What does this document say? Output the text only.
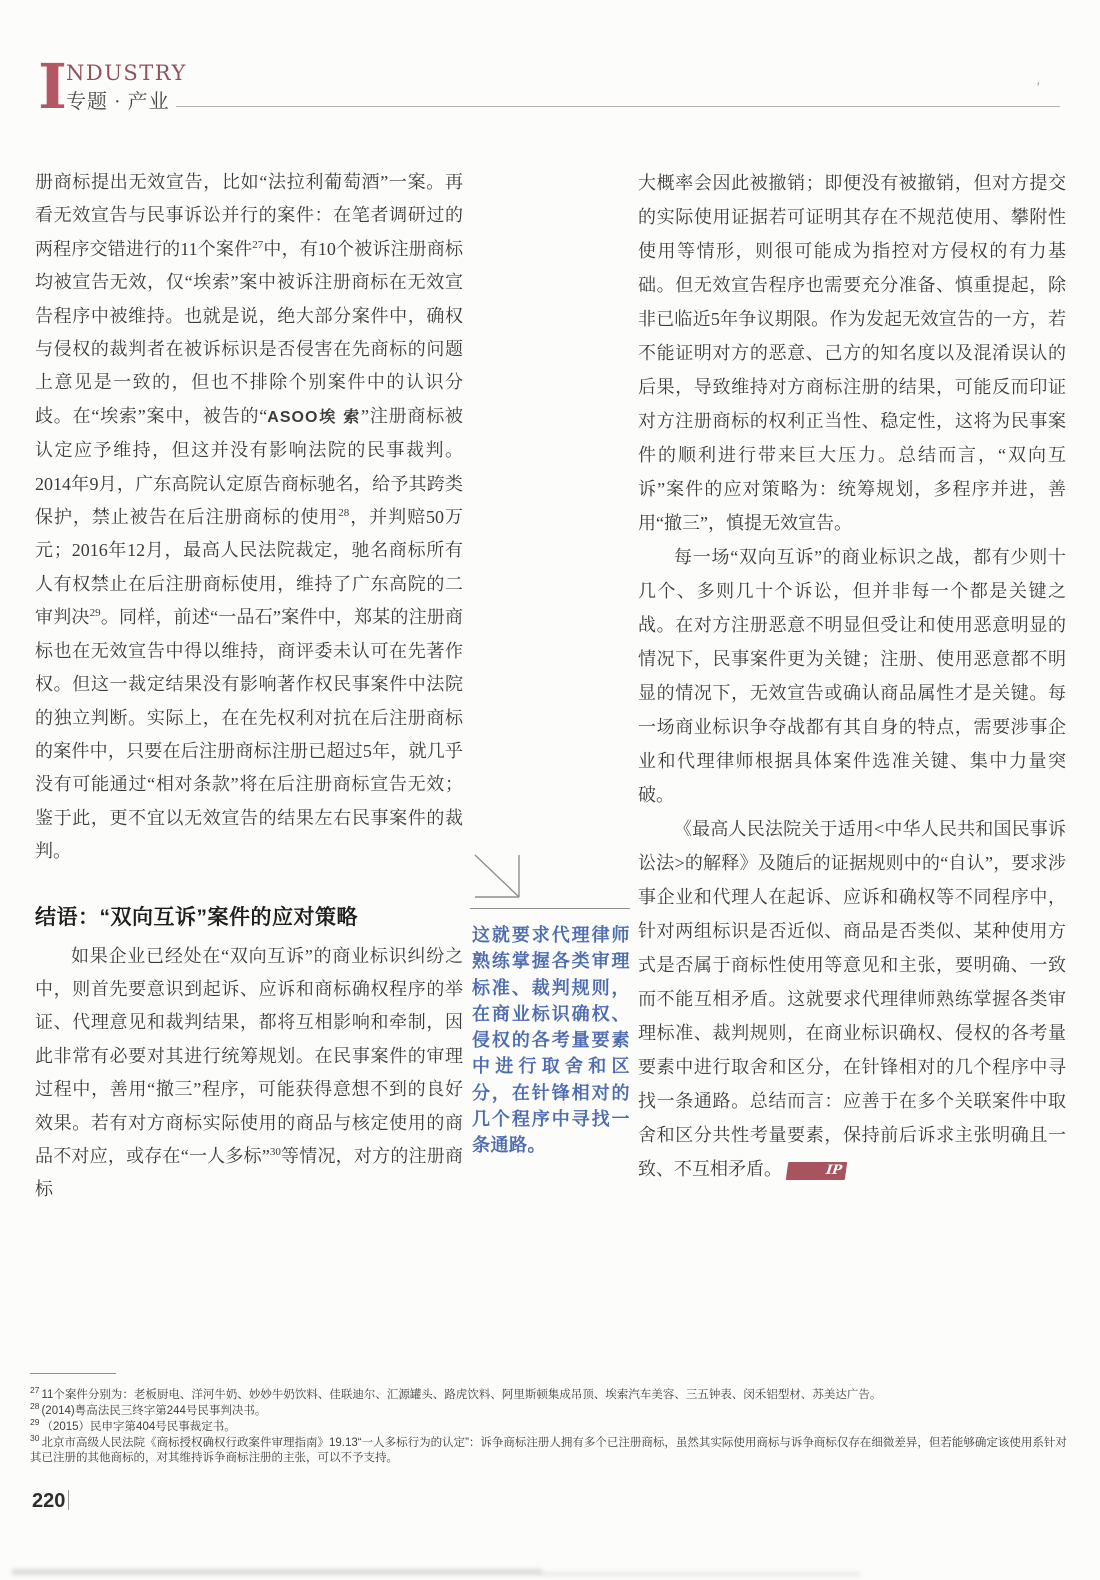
I
NDUSTRY
专题 · 产业
'

册商标提出无效宣告，比如“法拉利葡萄酒”一案。再看无效宣告与民事诉讼并行的案件：在笔者调研过的两程序交错进行的11个案件$^{27}$中，有10个被诉注册商标均被宣告无效，仅“埃索”案中被诉注册商标在无效宣告程序中被维持。也就是说，绝大部分案件中，确权与侵权的裁判者在被诉标识是否侵害在先商标的问题上意见是一致的，但也不排除个别案件中的认识分歧。在“埃索”案中，被告的“ASOO埃 索”注册商标被认定应予维持，但这并没有影响法院的民事裁判。2014年9月，广东高院认定原告商标驰名，给予其跨类保护，禁止被告在后注册商标的使用$^{28}$，并判赔50万元；2016年12月，最高人民法院裁定，驰名商标所有人有权禁止在后注册商标使用，维持了广东高院的二审判决$^{29}$。同样，前述“一品石”案件中，郑某的注册商标也在无效宣告中得以维持，商评委未认可在先著作权。但这一裁定结果没有影响著作权民事案件中法院的独立判断。实际上，在在先权利对抗在后注册商标的案件中，只要在后注册商标注册已超过5年，就几乎没有可能通过“相对条款”将在后注册商标宣告无效；鉴于此，更不宜以无效宣告的结果左右民事案件的裁判。

结语：“双向互诉”案件的应对策略

如果企业已经处在“双向互诉”的商业标识纠纷之中，则首先要意识到起诉、应诉和商标确权程序的举证、代理意见和裁判结果，都将互相影响和牵制，因此非常有必要对其进行统筹规划。在民事案件的审理过程中，善用“撤三”程序，可能获得意想不到的良好效果。若有对方商标实际使用的商品与核定使用的商品不对应，或存在“一人多标”$^{30}$等情况，对方的注册商标

这就要求代理律师熟练掌握各类审理标准、裁判规则，在商业标识确权、侵权的各考量要素中进行取舍和区分，在针锋相对的几个程序中寻找一条通路。

大概率会因此被撤销；即便没有被撤销，但对方提交的实际使用证据若可证明其存在不规范使用、攀附性使用等情形，则很可能成为指控对方侵权的有力基础。但无效宣告程序也需要充分准备、慎重提起，除非已临近5年争议期限。作为发起无效宣告的一方，若不能证明对方的恶意、己方的知名度以及混淆误认的后果，导致维持对方商标注册的结果，可能反而印证对方注册商标的权利正当性、稳定性，这将为民事案件的顺利进行带来巨大压力。总结而言，“双向互诉”案件的应对策略为：统筹规划，多程序并进，善用“撤三”，慎提无效宣告。

每一场“双向互诉”的商业标识之战，都有少则十几个、多则几十个诉讼，但并非每一个都是关键之战。在对方注册恶意不明显但受让和使用恶意明显的情况下，民事案件更为关键；注册、使用恶意都不明显的情况下，无效宣告或确认商品属性才是关键。每一场商业标识争夺战都有其自身的特点，需要涉事企业和代理律师根据具体案件选准关键、集中力量突破。

《最高人民法院关于适用<中华人民共和国民事诉讼法>的解释》及随后的证据规则中的“自认”，要求涉事企业和代理人在起诉、应诉和确权等不同程序中，针对两组标识是否近似、商品是否类似、某种使用方式是否属于商标性使用等意见和主张，要明确、一致而不能互相矛盾。这就要求代理律师熟练掌握各类审理标准、裁判规则，在商业标识确权、侵权的各考量要素中进行取舍和区分，在针锋相对的几个程序中寻找一条通路。总结而言：应善于在多个关联案件中取舍和区分共性考量要素，保持前后诉求主张明确且一致、不互相矛盾。	IP

$^{27}$ 11个案件分别为：老板厨电、洋河牛奶、妙妙牛奶饮料、佳联迪尔、汇源罐头、路虎饮料、阿里斯顿集成吊顶、埃索汽车美容、三五钟表、闵禾铝型材、苏美达广告。
$^{28}$ (2014)粤高法民三终字第244号民事判决书。
$^{29}$ （2015）民申字第404号民事裁定书。
$^{30}$ 北京市高级人民法院《商标授权确权行政案件审理指南》19.13“一人多标行为的认定”：诉争商标注册人拥有多个已注册商标，虽然其实际使用商标与诉争商标仅存在细微差异，但若能够确定该使用系针对其已注册的其他商标的，对其维持诉争商标注册的主张，可以不予支持。
220
